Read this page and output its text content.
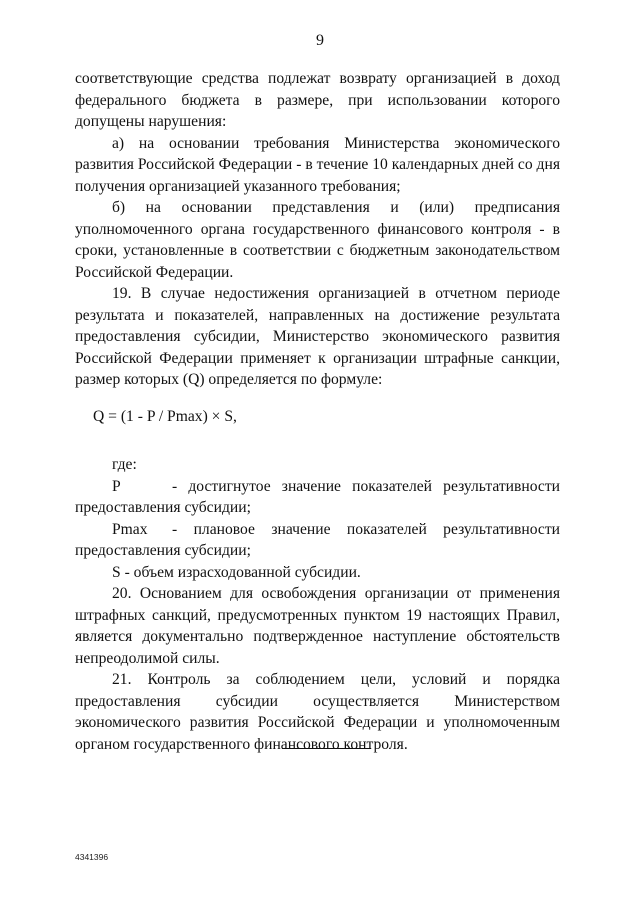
9

соответствующие средства подлежат возврату организацией в доход федерального бюджета в размере, при использовании которого допущены нарушения:

а) на основании требования Министерства экономического развития Российской Федерации - в течение 10 календарных дней со дня получения организацией указанного требования;

б) на основании представления и (или) предписания уполномоченного органа государственного финансового контроля - в сроки, установленные в соответствии с бюджетным законодательством Российской Федерации.

19. В случае недостижения организацией в отчетном периоде результата и показателей, направленных на достижение результата предоставления субсидии, Министерство экономического развития Российской Федерации применяет к организации штрафные санкции, размер которых (Q) определяется по формуле:

Q = (1 - P / Pmax) × S,

где:

P	- достигнутое значение показателей результативности предоставления субсидии;

Pmax - плановое значение показателей результативности предоставления субсидии;

S - объем израсходованной субсидии.

20. Основанием для освобождения организации от применения штрафных санкций, предусмотренных пунктом 19 настоящих Правил, является документально подтвержденное наступление обстоятельств непреодолимой силы.

21. Контроль за соблюдением цели, условий и порядка предоставления субсидии осуществляется Министерством экономического развития Российской Федерации и уполномоченным органом государственного финансового контроля.

4341396
